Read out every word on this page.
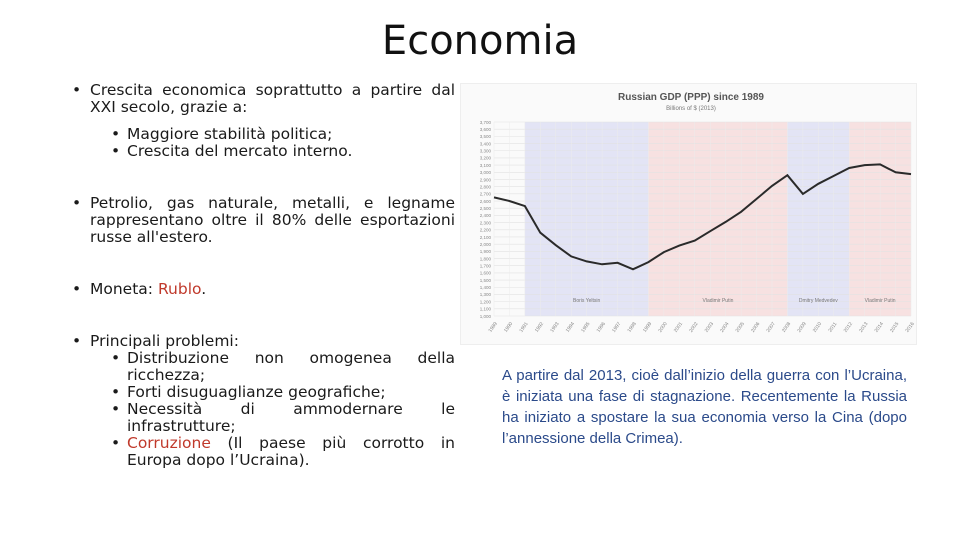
Economia
• Crescita economica soprattutto a partire dal XXI secolo, grazie a:
• Maggiore stabilità politica;
• Crescita del mercato interno.
• Petrolio, gas naturale, metalli, e legname rappresentano oltre il 80% delle esportazioni russe all'estero.
• Moneta: Rublo.
• Principali problemi:
• Distribuzione non omogenea della ricchezza;
• Forti disuguaglianze geografiche;
• Necessità di ammodernare le infrastrutture;
• Corruzione (Il paese più corrotto in Europa dopo l’Ucraina).
Russian GDP (PPP) since 1989
Billions of $ (2013)
3,700
3,600
3,500
3,400
3,300
3,200
3,100
3,000
2,900
2,800
2,700
2,600
2,500
2,400
2,300
2,200
2,100
2,000
1,900
1,800
1,700
1,600
1,500
1,400
1,300
1,200
1,100
1,000
1989 1990 1991 1992 1993 1994 1995 1996 1997 1998 1999 2000 2001 2002 2003 2004 2005 2006 2007 2008 2009 2010 2011 2012 2013 2014 2015 2016
Boris Yeltsin	Vladimir Putin	Dmitry Medvedev	Vladimir Putin
A partire dal 2013, cioè dall’inizio della guerra con l’Ucraina, è iniziata una fase di stagnazione. Recentemente la Russia ha iniziato a spostare la sua economia verso la Cina (dopo l’annessione della Crimea).
